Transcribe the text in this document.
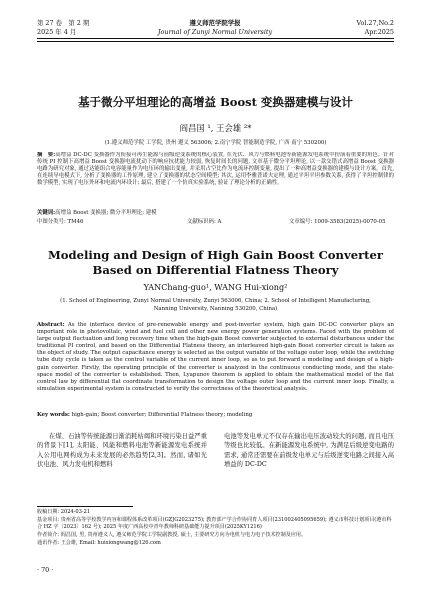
第 27 卷　第 2 期
2025 年 4 月
遵义师范学院学报
Journal of Zunyi Normal University
Vol.27,No.2
Apr.2025
基于微分平坦理论的高增益 Boost 变换器建模与设计
阎昌国 ¹, 王会雄 ²*
(1.遵义师范学院 工学院, 贵州 遵义 563006; 2.南宁学院 智能制造学院, 广西 南宁 530200)
摘　要:高增益 DC-DC 变换器作为衔接可再生能源与前级逆变系统的核心装置, 在光伏、风力与燃料电池等新能源发电系统中扮演着重要的角色。针对传统 PI 控制下高增益 Boost 变换器电流扰动下的响应抗扰能力较弱, 恢复时间长的问题, 文章基于微分平坦理论, 以一款交错式高增益 Boost 变换器电路为研究对象, 通过达能组合电容能量作为电压环的输出变量, 并采用占空比作为电流环控制变量, 提出了一种高增益变换器的建模与设计方案。首先, 在连续导电模式下, 分析了变换器的工作原理, 建立了变换器的状态空间模型; 其次, 运用李雅普诺夫定理, 通过平坦平坦参数关系, 获得了平坦控制律的数学模型, 实现了电压外环和电流内环设计; 最后, 搭建了一个仿真实验系统, 验证了理论分析的正确性。
关键词:高增益 Boost 变换器; 微分平坦理论; 建模
中图分类号: TM46	文献标识码: A	文章编号: 1009-3583(2025)-0070-05
Modeling and Design of High Gain Boost Converter Based on Differential Flatness Theory
YANChang-guo¹, WANG Hui-xiong²
(1. School of Engineering, Zunyi Normal University, Zunyi 563006, China; 2. School of Intelligent Manufacturing,
Nanning University, Nanning 530200, China)
Abstract: As the interface device of pre-renewable energy and post-inverter system, high gain DC-DC converter plays an important role in photovoltaic, wind and fuel cell and other new energy power generation systems. Faced with the problem of large output fluctuation and long recovery time when the high-gain Boost converter subjected to external disturbances under the traditional PI control, and based on the Differential Flatness theory, an interleaved high-gain Boost converter circuit is taken as the object of study. The output capacitance energy is selected as the output variable of the voltage outer loop, while the switching tube duty cycle is taken as the control variable of the current inner loop, so as to put forward a modeling and design of a high-gain converter. Firstly, the operating principle of the converter is analyzed in the continuous conducting mode, and the state-space model of the converter is established. Then, Lyapunov theorem is applied to obtain the mathematical model of the flat control law by differential flat coordinate transformation to design the voltage outer loop and the current inner loop. Finally, a simulation experimental system is constructed to verify the correctness of the theoretical analysis.
Key words: high-gain; Boost converter; Differential Flatness theory; modeling
在煤、石油等传统能源日渐消耗枯竭和环境污染日益严重的背景下[1], 太阳能、风能和燃料电池等新能源发电系统并入公用电网构成为未来发展的必然趋势[2,3]。然而, 诸如光伏电池、风力发电机和燃料
电池等发电单元不仅存在输出电压波动较大的问题, 而且电压等级也比较低。在新能源发电系统中, 为满足后级逆变电路的需求, 通常还需要在前级发电单元与后级逆变电路之间接入高增益的 DC-DC
收稿日期: 2024-03-21
基金项目: 贵州省高等学校教学内容和课程体系改革项目(GZJG2023275); 教育部产学合作协同育人项目(231002405095659); 遵义市科技计划项目(遵市科合 HZ 字〔2023〕162 号); 2025 年度广西高校中青年教师科研基础能力提升项目(2025KY1216)
作者简介: 阎昌国, 男, 贵州遵义人, 遵义师范学院工学院副教授, 硕士, 主要研究方向为电机与电力电子技术控制及应用。
通讯作者: 王会雄, Email: huixiongwang@126.com
· 70 ·
